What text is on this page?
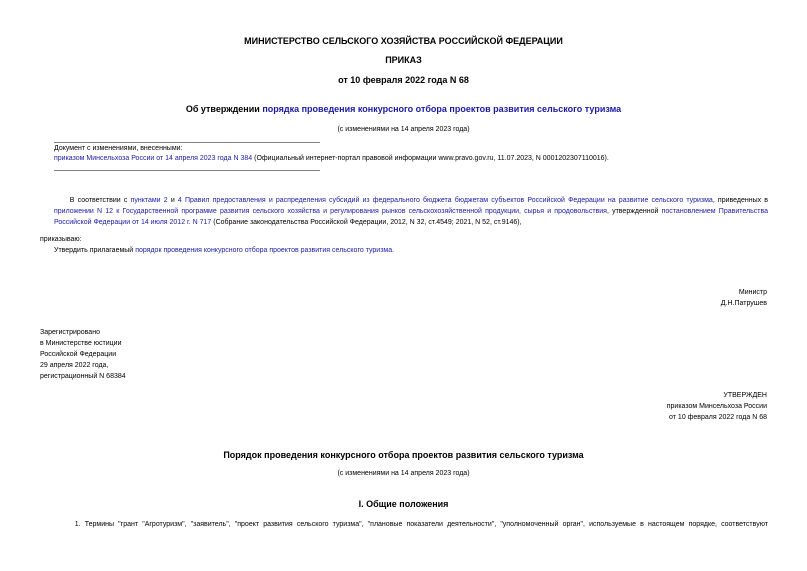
МИНИСТЕРСТВО СЕЛЬСКОГО ХОЗЯЙСТВА РОССИЙСКОЙ ФЕДЕРАЦИИ
ПРИКАЗ
от 10 февраля 2022 года N 68
Об утверждении порядка проведения конкурсного отбора проектов развития сельского туризма
(с изменениями на 14 апреля 2023 года)
Документ с изменениями, внесенными:
приказом Минсельхоза России от 14 апреля 2023 года N 384 (Официальный интернет-портал правовой информации www.pravo.gov.ru, 11.07.2023, N 0001202307110016).
В соответствии с пунктами 2 и 4 Правил предоставления и распределения субсидий из федерального бюджета бюджетам субъектов Российской Федерации на развитие сельского туризма, приведенных в
приложении N 12 к Государственной программе развития сельского хозяйства и регулирования рынков сельскохозяйственной продукции, сырья и продовольствия, утвержденной постановлением Правительства
Российской Федерации от 14 июля 2012 г. N 717 (Собрание законодательства Российской Федерации, 2012, N 32, ст.4549; 2021, N 52, ст.9146),
приказываю:
Утвердить прилагаемый порядок проведения конкурсного отбора проектов развития сельского туризма.
Министр
Д.Н.Патрушев
Зарегистрировано
в Министерстве юстиции
Российской Федерации
29 апреля 2022 года,
регистрационный N 68384
УТВЕРЖДЕН
приказом Минсельхоза России
от 10 февраля 2022 года N 68
Порядок проведения конкурсного отбора проектов развития сельского туризма
(с изменениями на 14 апреля 2023 года)
I. Общие положения
1. Термины "грант "Агротуризм", "заявитель", "проект развития сельского туризма", "плановые показатели деятельности", "уполномоченный орган", используемые в настоящем порядке, соответствуют
